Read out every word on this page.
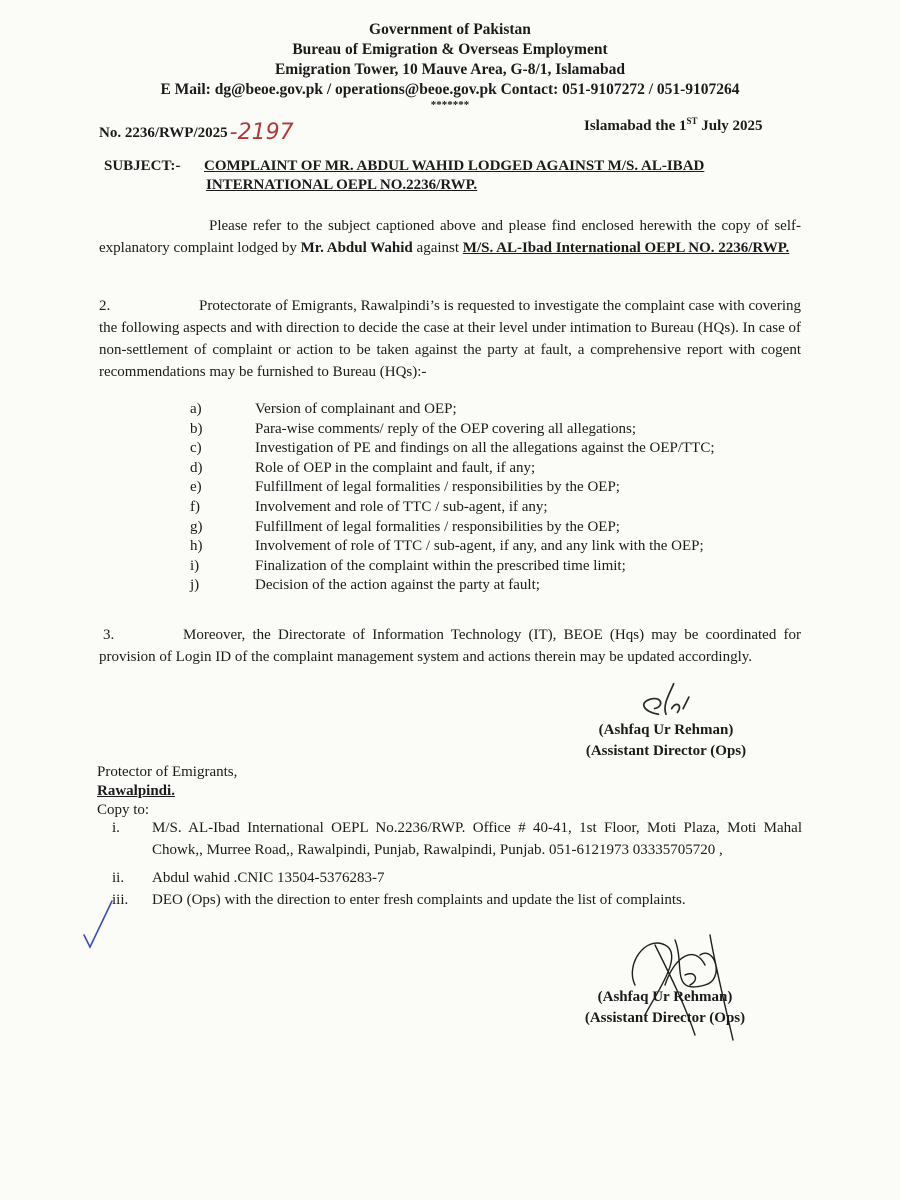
Government of Pakistan
Bureau of Emigration & Overseas Employment
Emigration Tower, 10 Mauve Area, G-8/1, Islamabad
E Mail: dg@beoe.gov.pk / operations@beoe.gov.pk Contact: 051-9107272 / 051-9107264
*******
No. 2236/RWP/2025-2197	Islamabad the 1ST July 2025
SUBJECT:- COMPLAINT OF MR. ABDUL WAHID LODGED AGAINST M/S. AL-IBAD
INTERNATIONAL OEPL NO.2236/RWP.
Please refer to the subject captioned above and please find enclosed herewith the copy of self-explanatory complaint lodged by Mr. Abdul Wahid against M/S. AL-Ibad International OEPL NO. 2236/RWP.
2.	Protectorate of Emigrants, Rawalpindi’s is requested to investigate the complaint case with covering the following aspects and with direction to decide the case at their level under intimation to Bureau (HQs). In case of non-settlement of complaint or action to be taken against the party at fault, a comprehensive report with cogent recommendations may be furnished to Bureau (HQs):-
a)	Version of complainant and OEP;
b)	Para-wise comments/ reply of the OEP covering all allegations;
c)	Investigation of PE and findings on all the allegations against the OEP/TTC;
d)	Role of OEP in the complaint and fault, if any;
e)	Fulfillment of legal formalities / responsibilities by the OEP;
f)	Involvement and role of TTC / sub-agent, if any;
g)	Fulfillment of legal formalities / responsibilities by the OEP;
h)	Involvement of role of TTC / sub-agent, if any, and any link with the OEP;
i)	Finalization of the complaint within the prescribed time limit;
j)	Decision of the action against the party at fault;
3.	Moreover, the Directorate of Information Technology (IT), BEOE (Hqs) may be coordinated for provision of Login ID of the complaint management system and actions therein may be updated accordingly.
(Ashfaq Ur Rehman)
(Assistant Director (Ops)
Protector of Emigrants,
Rawalpindi.
Copy to:
i.	M/S. AL-Ibad International OEPL No.2236/RWP. Office # 40-41, 1st Floor, Moti Plaza, Moti Mahal Chowk,, Murree Road,, Rawalpindi, Punjab, Rawalpindi, Punjab. 051-6121973 03335705720 ,
ii.	Abdul wahid .CNIC 13504-5376283-7
iii.	DEO (Ops) with the direction to enter fresh complaints and update the list of complaints.
(Ashfaq Ur Rehman)
(Assistant Director (Ops)
